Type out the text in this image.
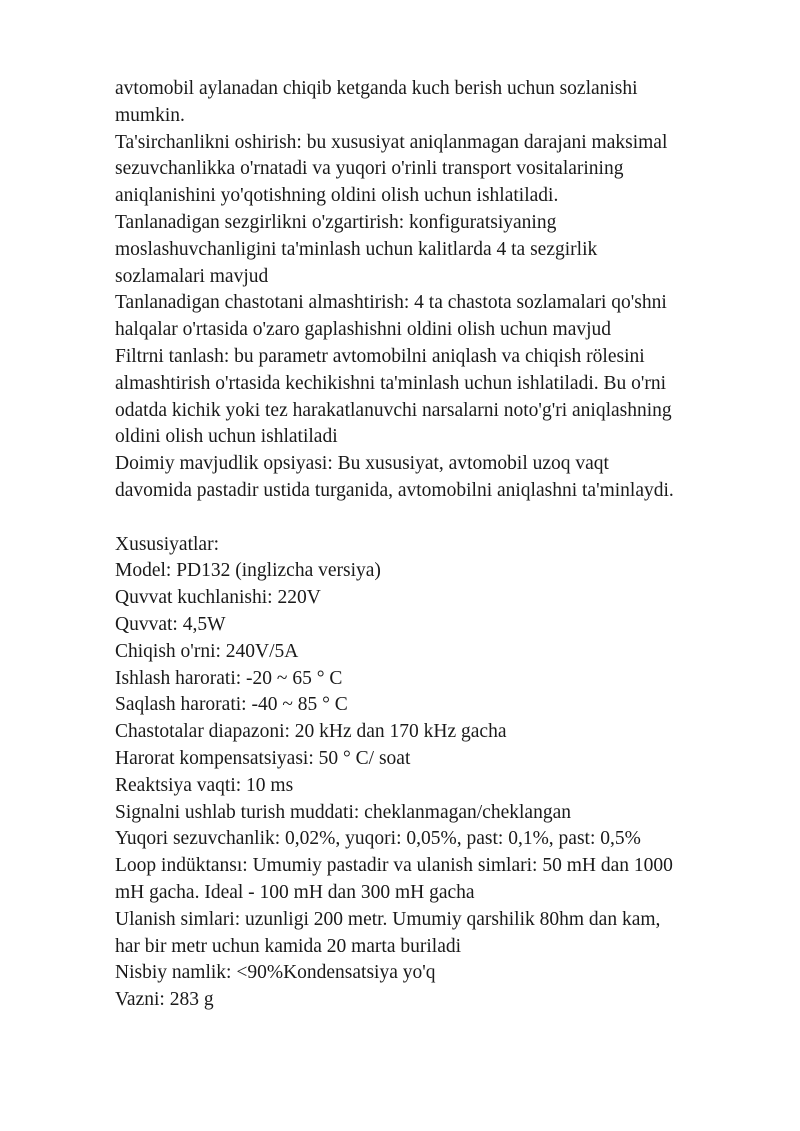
avtomobil aylanadan chiqib ketganda kuch berish uchun sozlanishi
mumkin.
Ta'sirchanlikni oshirish: bu xususiyat aniqlanmagan darajani maksimal
sezuvchanlikka o'rnatadi va yuqori o'rinli transport vositalarining
aniqlanishini yo'qotishning oldini olish uchun ishlatiladi.
Tanlanadigan sezgirlikni o'zgartirish: konfiguratsiyaning
moslashuvchanligini ta'minlash uchun kalitlarda 4 ta sezgirlik
sozlamalari mavjud
Tanlanadigan chastotani almashtirish: 4 ta chastota sozlamalari qo'shni
halqalar o'rtasida o'zaro gaplashishni oldini olish uchun mavjud
Filtrni tanlash: bu parametr avtomobilni aniqlash va chiqish rölesini
almashtirish o'rtasida kechikishni ta'minlash uchun ishlatiladi. Bu o'rni
odatda kichik yoki tez harakatlanuvchi narsalarni noto'g'ri aniqlashning
oldini olish uchun ishlatiladi
Doimiy mavjudlik opsiyasi: Bu xususiyat, avtomobil uzoq vaqt
davomida pastadir ustida turganida, avtomobilni aniqlashni ta'minlaydi.
Xususiyatlar:
Model: PD132 (inglizcha versiya)
Quvvat kuchlanishi: 220V
Quvvat: 4,5W
Chiqish o'rni: 240V/5A
Ishlash harorati: -20 ~ 65 ° C
Saqlash harorati: -40 ~ 85 ° C
Chastotalar diapazoni: 20 kHz dan 170 kHz gacha
Harorat kompensatsiyasi: 50 ° C/ soat
Reaktsiya vaqti: 10 ms
Signalni ushlab turish muddati: cheklanmagan/cheklangan
Yuqori sezuvchanlik: 0,02%, yuqori: 0,05%, past: 0,1%, past: 0,5%
Loop indüktansı: Umumiy pastadir va ulanish simlari: 50 mH dan 1000
mH gacha. Ideal - 100 mH dan 300 mH gacha
Ulanish simlari: uzunligi 200 metr. Umumiy qarshilik 80hm dan kam,
har bir metr uchun kamida 20 marta buriladi
Nisbiy namlik: <90%Kondensatsiya yo'q
Vazni: 283 g
